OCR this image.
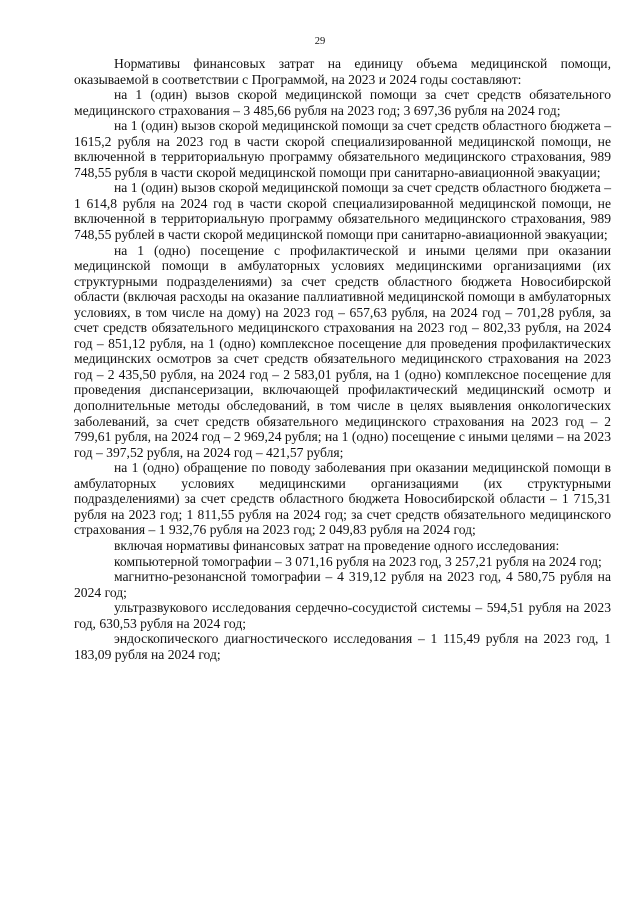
29

Нормативы финансовых затрат на единицу объема медицинской помощи, оказываемой в соответствии с Программой, на 2023 и 2024 годы составляют:

на 1 (один) вызов скорой медицинской помощи за счет средств обязательного медицинского страхования – 3 485,66 рубля на 2023 год; 3 697,36 рубля на 2024 год;

на 1 (один) вызов скорой медицинской помощи за счет средств областного бюджета – 1615,2 рубля на 2023 год в части скорой специализированной медицинской помощи, не включенной в территориальную программу обязательного медицинского страхования, 989 748,55 рубля в части скорой медицинской помощи при санитарно-авиационной эвакуации;

на 1 (один) вызов скорой медицинской помощи за счет средств областного бюджета – 1 614,8 рубля на 2024 год в части скорой специализированной медицинской помощи, не включенной в территориальную программу обязательного медицинского страхования, 989 748,55 рублей в части скорой медицинской помощи при санитарно-авиационной эвакуации;

на 1 (одно) посещение с профилактической и иными целями при оказании медицинской помощи в амбулаторных условиях медицинскими организациями (их структурными подразделениями) за счет средств областного бюджета Новосибирской области (включая расходы на оказание паллиативной медицинской помощи в амбулаторных условиях, в том числе на дому) на 2023 год – 657,63 рубля, на 2024 год – 701,28 рубля, за счет средств обязательного медицинского страхования на 2023 год – 802,33 рубля, на 2024 год – 851,12 рубля, на 1 (одно) комплексное посещение для проведения профилактических медицинских осмотров за счет средств обязательного медицинского страхования на 2023 год – 2 435,50 рубля, на 2024 год – 2 583,01 рубля, на 1 (одно) комплексное посещение для проведения диспансеризации, включающей профилактический медицинский осмотр и дополнительные методы обследований, в том числе в целях выявления онкологических заболеваний, за счет средств обязательного медицинского страхования на 2023 год – 2 799,61 рубля, на 2024 год – 2 969,24 рубля; на 1 (одно) посещение с иными целями – на 2023 год – 397,52 рубля, на 2024 год – 421,57 рубля;

на 1 (одно) обращение по поводу заболевания при оказании медицинской помощи в амбулаторных условиях медицинскими организациями (их структурными подразделениями) за счет средств областного бюджета Новосибирской области – 1 715,31 рубля на 2023 год; 1 811,55 рубля на 2024 год; за счет средств обязательного медицинского страхования – 1 932,76 рубля на 2023 год; 2 049,83 рубля на 2024 год;

включая нормативы финансовых затрат на проведение одного исследования:

компьютерной томографии – 3 071,16 рубля на 2023 год, 3 257,21 рубля на 2024 год;

магнитно-резонансной томографии – 4 319,12 рубля на 2023 год, 4 580,75 рубля на 2024 год;

ультразвукового исследования сердечно-сосудистой системы – 594,51 рубля на 2023 год, 630,53 рубля на 2024 год;

эндоскопического диагностического исследования – 1 115,49 рубля на 2023 год, 1 183,09 рубля на 2024 год;
